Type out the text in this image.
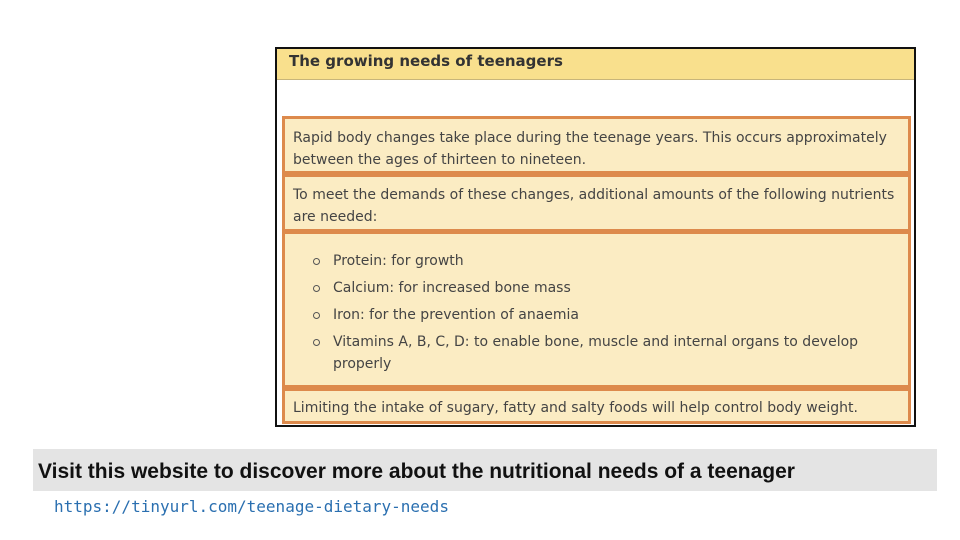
The growing needs of teenagers
Rapid body changes take place during the teenage years. This occurs approximately between the ages of thirteen to nineteen.
To meet the demands of these changes, additional amounts of the following nutrients are needed:
Protein: for growth
Calcium: for increased bone mass
Iron: for the prevention of anaemia
Vitamins A, B, C, D: to enable bone, muscle and internal organs to develop properly
Limiting the intake of sugary, fatty and salty foods will help control body weight.
Visit this website to discover more about the nutritional needs of a teenager
https://tinyurl.com/teenage-dietary-needs
